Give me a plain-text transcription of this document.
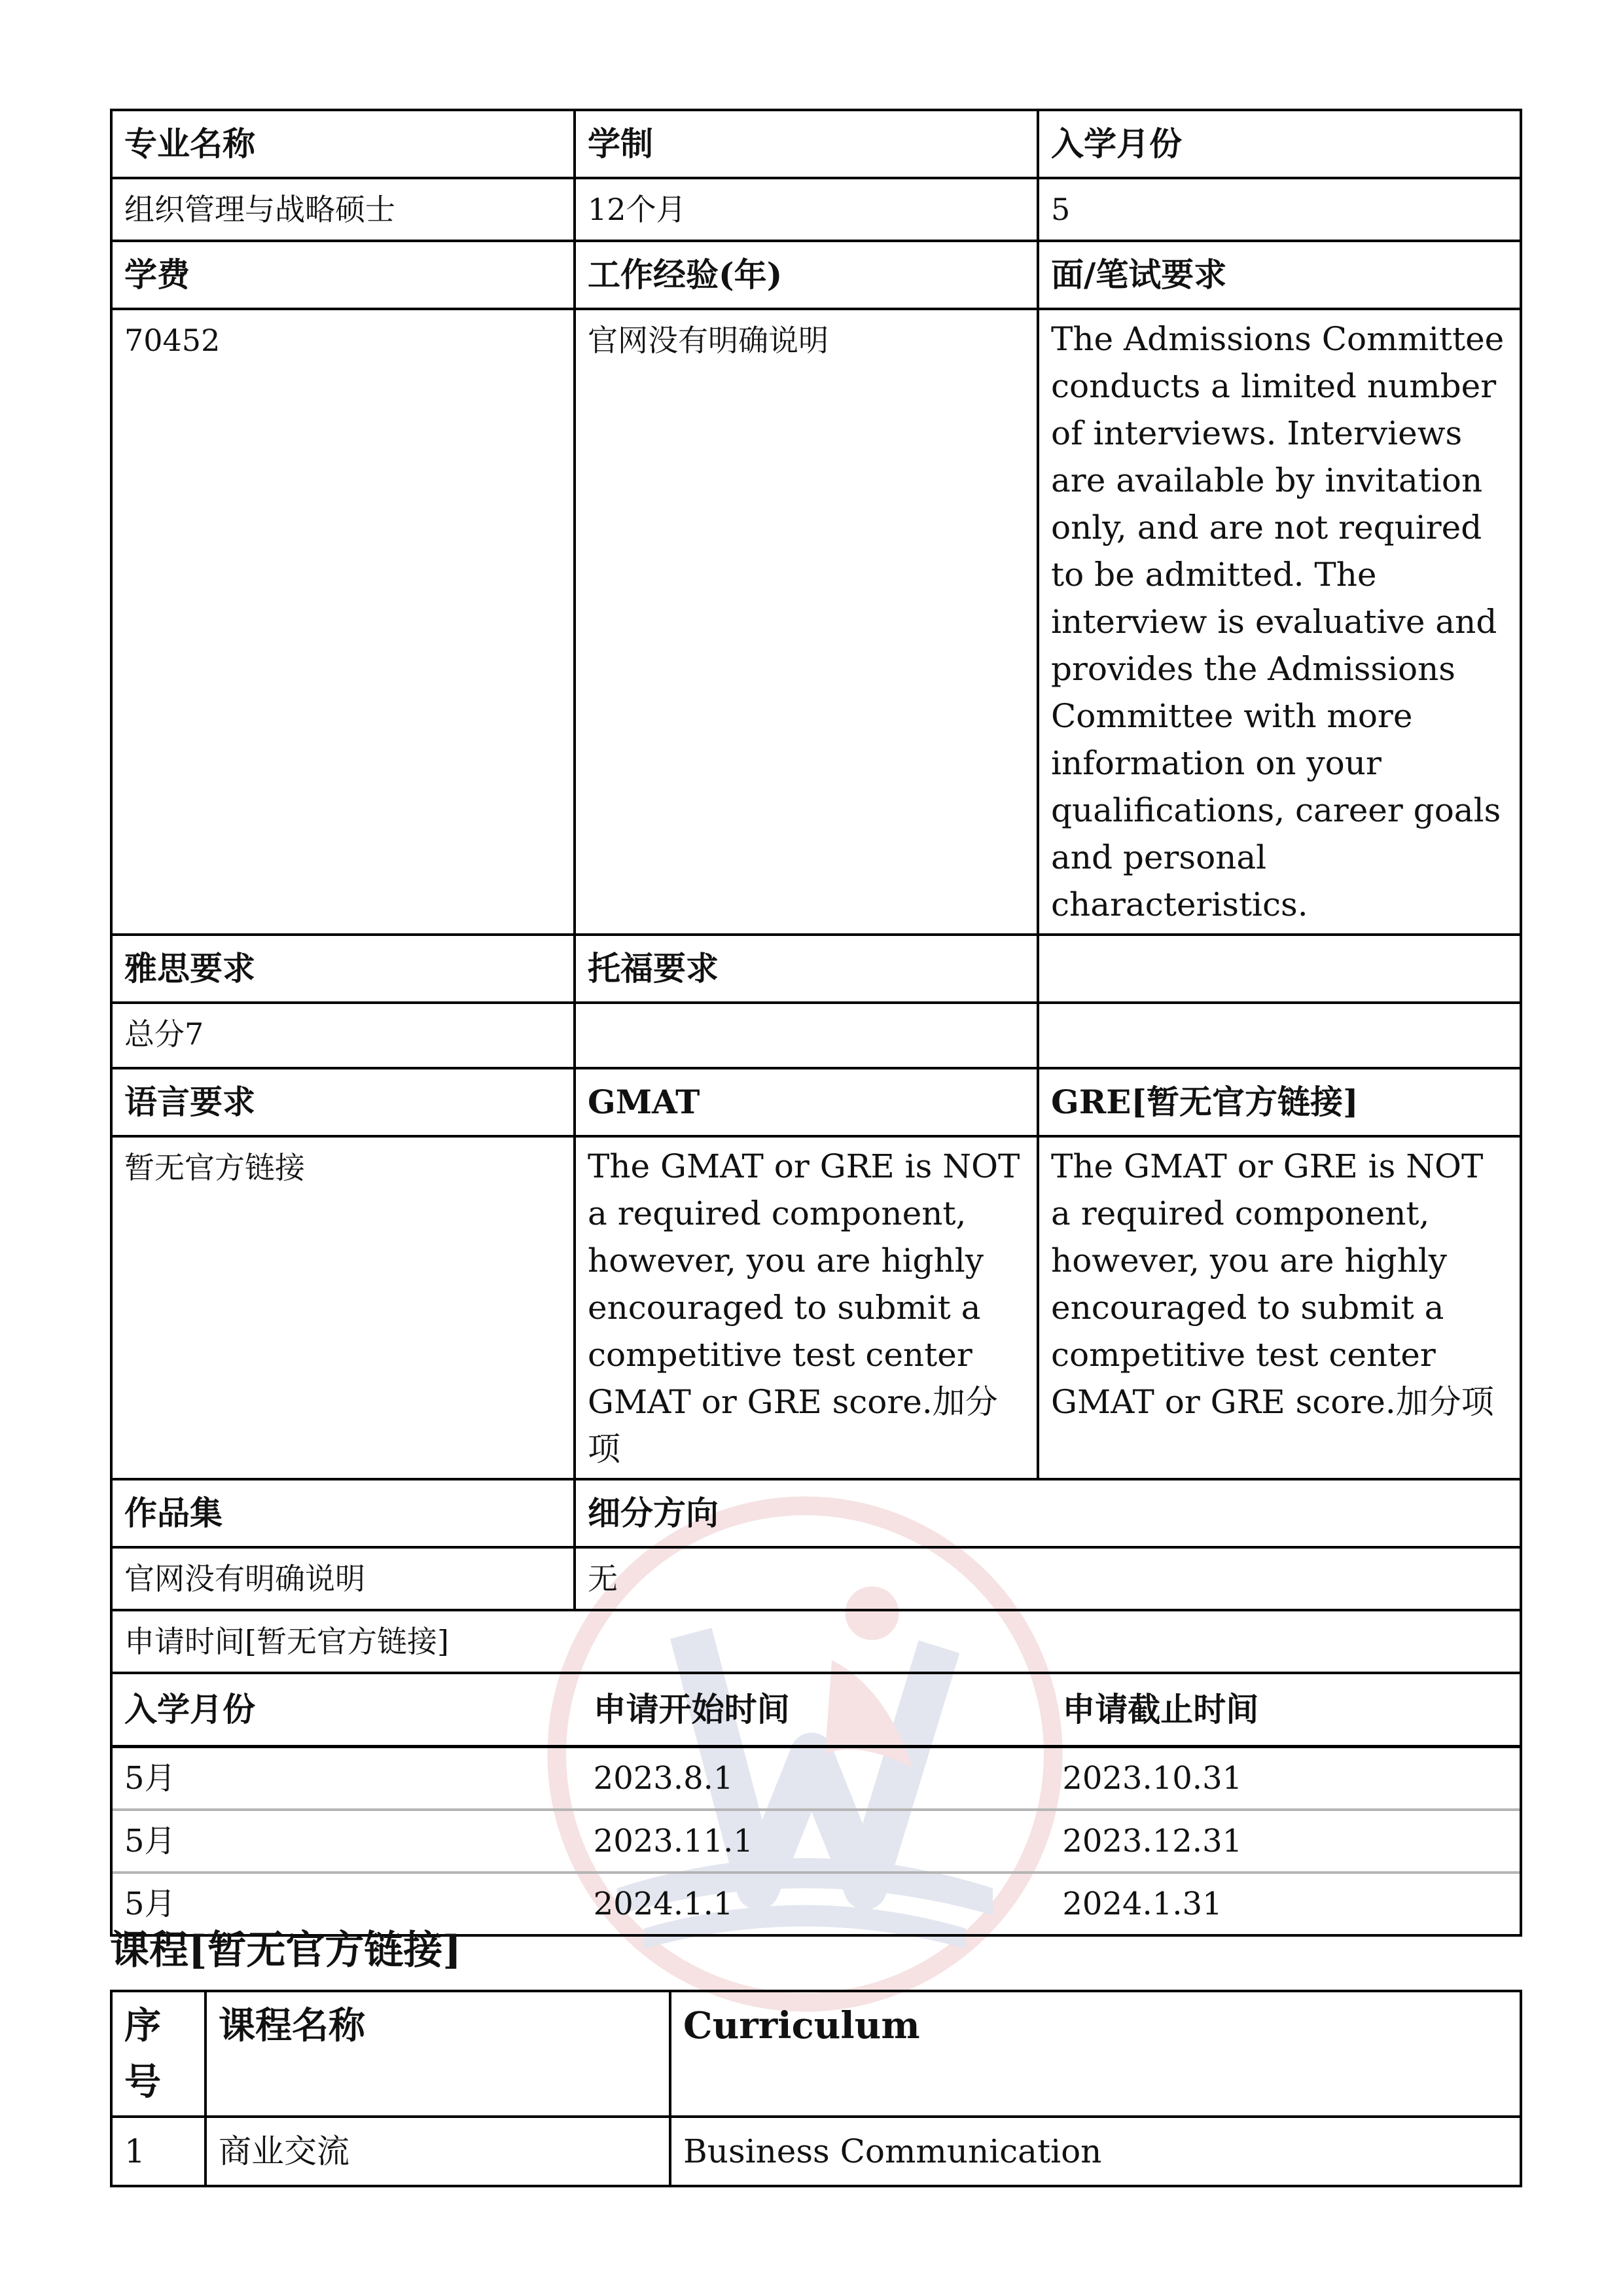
专业名称	学制	入学月份
组织管理与战略硕士	12个月	5
学费	工作经验(年)	面/笔试要求
70452	官网没有明确说明	The Admissions Committee conducts a limited number of interviews. Interviews are available by invitation only, and are not required to be admitted. The interview is evaluative and provides the Admissions Committee with more information on your qualifications, career goals and personal characteristics.
雅思要求	托福要求	
总分7		
语言要求	GMAT	GRE[暂无官方链接]
暂无官方链接	The GMAT or GRE is NOT a required component, however, you are highly encouraged to submit a competitive test center GMAT or GRE score.加分项	The GMAT or GRE is NOT a required component, however, you are highly encouraged to submit a competitive test center GMAT or GRE score.加分项
作品集	细分方向
官网没有明确说明	无
申请时间[暂无官方链接]

入学月份	申请开始时间	申请截止时间
5月	2023.8.1	2023.10.31
5月	2023.11.1	2023.12.31
5月	2024.1.1	2024.1.31
课程[暂无官方链接]
序号	课程名称	Curriculum
1	商业交流	Business Communication
